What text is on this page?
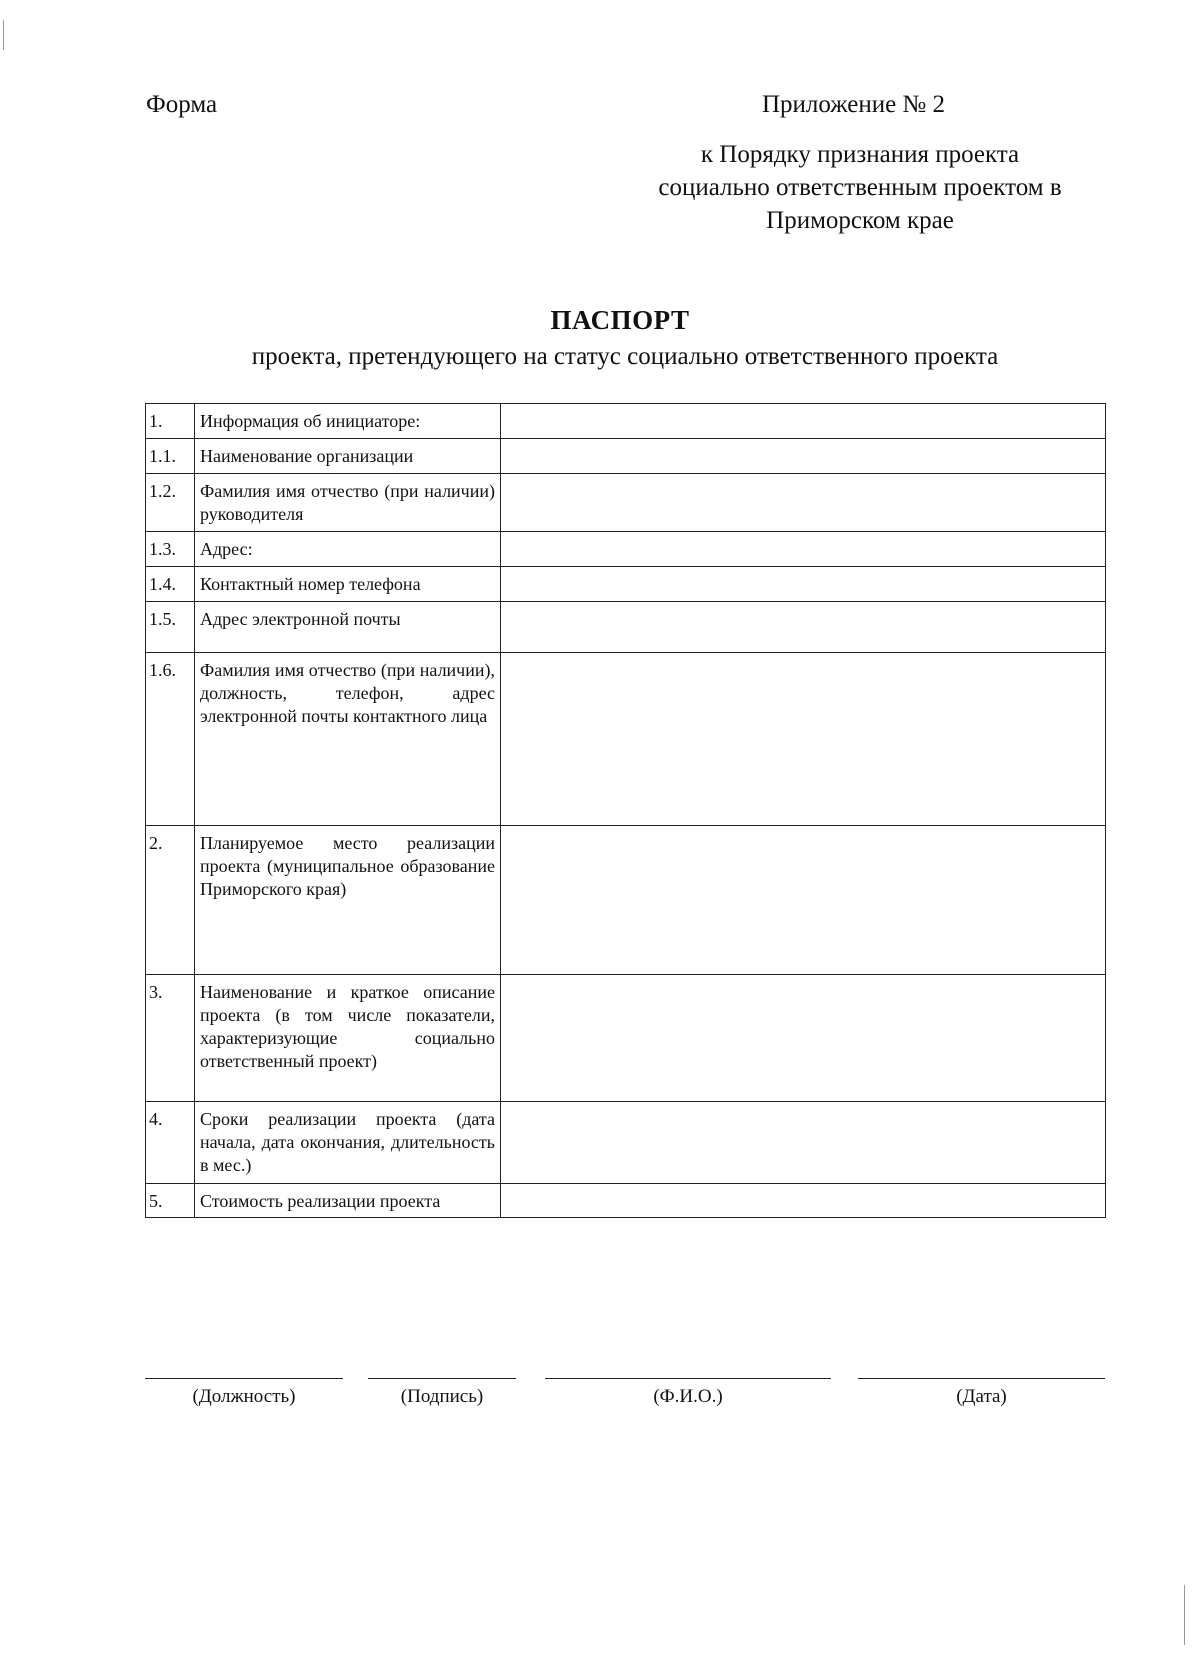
Форма	Приложение № 2
к Порядку признания проекта
социально ответственным проектом в
Приморском крае
ПАСПОРТ
проекта, претендующего на статус социально ответственного проекта
1.	Информация об инициаторе:	
1.1.	Наименование организации	
1.2.	Фамилия имя отчество (при наличии) руководителя	
1.3.	Адрес:	
1.4.	Контактный номер телефона	
1.5.	Адрес электронной почты	
1.6.	Фамилия имя отчество (при наличии), должность, телефон, адрес электронной почты контактного лица	
2.	Планируемое место реализации проекта (муниципальное образование Приморского края)	
3.	Наименование и краткое описание проекта (в том числе показатели, характеризующие социально ответственный проект)	
4.	Сроки реализации проекта (дата начала, дата окончания, длительность в мес.)	
5.	Стоимость реализации проекта	
(Должность)	(Подпись)	(Ф.И.О.)	(Дата)
